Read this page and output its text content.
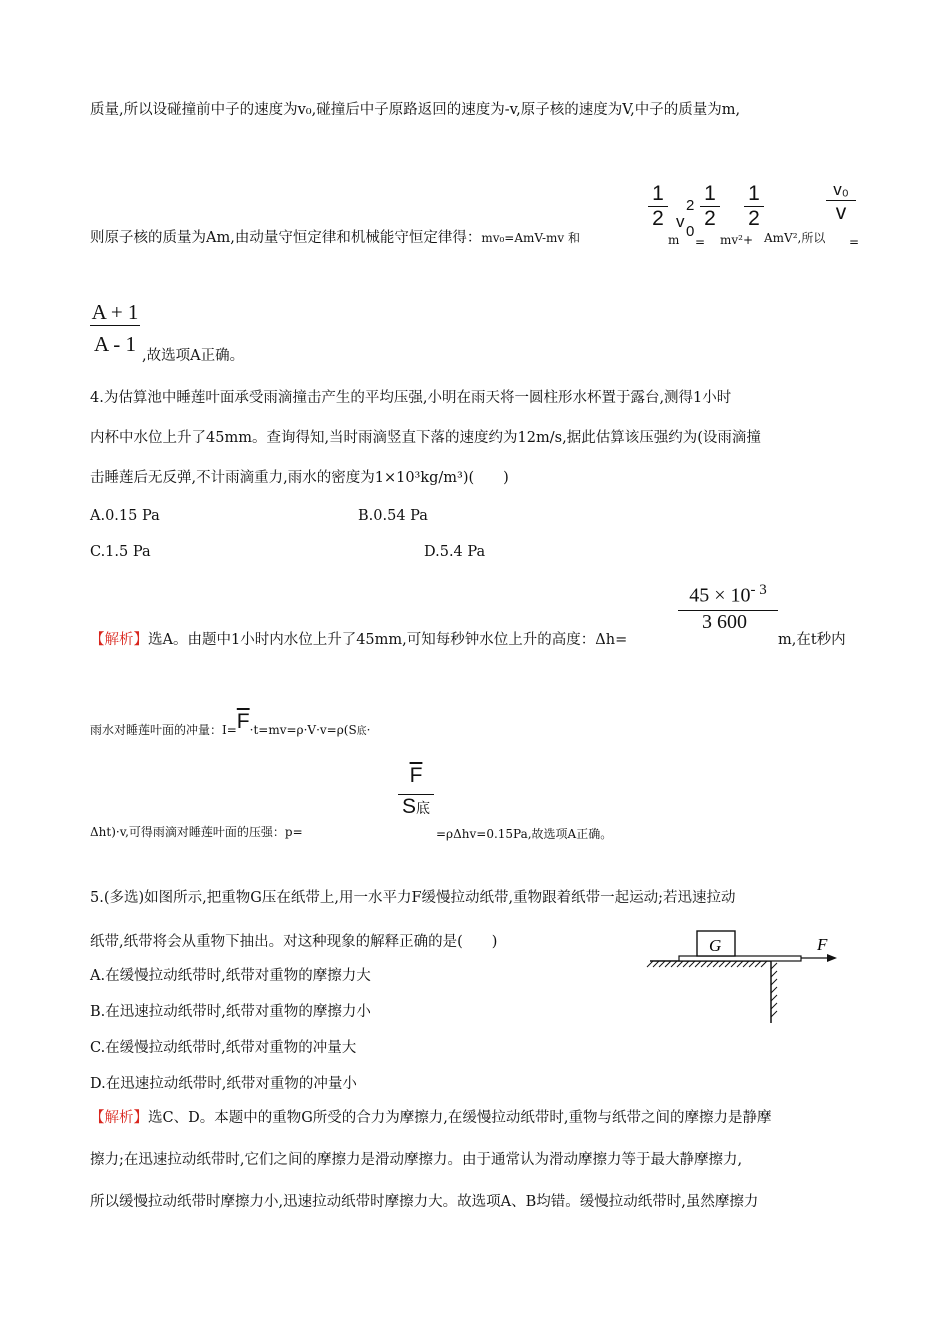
质量,所以设碰撞前中子的速度为v₀,碰撞后中子原路返回的速度为-v,原子核的速度为V,中子的质量为m,
则原子核的质量为Am,由动量守恒定律和机械能守恒定律得：mv₀=AmV-mv 和
$\frac{1}{2}$
m
v
2
0
$\frac{1}{2}$
= mv²+
$\frac{1}{2}$
AmV²,所以
v₀
v
=
$\frac{A + 1}{A - 1}$ ,故选项A正确。
4.为估算池中睡莲叶面承受雨滴撞击产生的平均压强,小明在雨天将一圆柱形水杯置于露台,测得1小时
内杯中水位上升了45mm。查询得知,当时雨滴竖直下落的速度约为12m/s,据此估算该压强约为(设雨滴撞
击睡莲后无反弹,不计雨滴重力,雨水的密度为1×10³kg/m³)(　　)
A.0.15 Pa	B.0.54 Pa
C.1.5 Pa	D.5.4 Pa
【解析】选A。由题中1小时内水位上升了45mm,可知每秒钟水位上升的高度：Δh=
$\frac{45 \times 10^{- 3}}{3 600}$
m,在t秒内
雨水对睡莲叶面的冲量：$I=\overline{F}\cdot t=mv=\rho\cdot V\cdot v=\rho(S$底·
Δht)·v,可得雨滴对睡莲叶面的压强：p=
$\overline{F}$
S底
=ρΔhv=0.15Pa,故选项A正确。
5.(多选)如图所示,把重物G压在纸带上,用一水平力F缓慢拉动纸带,重物跟着纸带一起运动;若迅速拉动
纸带,纸带将会从重物下抽出。对这种现象的解释正确的是(　　)
A.在缓慢拉动纸带时,纸带对重物的摩擦力大
B.在迅速拉动纸带时,纸带对重物的摩擦力小
C.在缓慢拉动纸带时,纸带对重物的冲量大
D.在迅速拉动纸带时,纸带对重物的冲量小
G	F
【解析】选C、D。本题中的重物G所受的合力为摩擦力,在缓慢拉动纸带时,重物与纸带之间的摩擦力是静摩
擦力;在迅速拉动纸带时,它们之间的摩擦力是滑动摩擦力。由于通常认为滑动摩擦力等于最大静摩擦力,
所以缓慢拉动纸带时摩擦力小,迅速拉动纸带时摩擦力大。故选项A、B均错。缓慢拉动纸带时,虽然摩擦力
